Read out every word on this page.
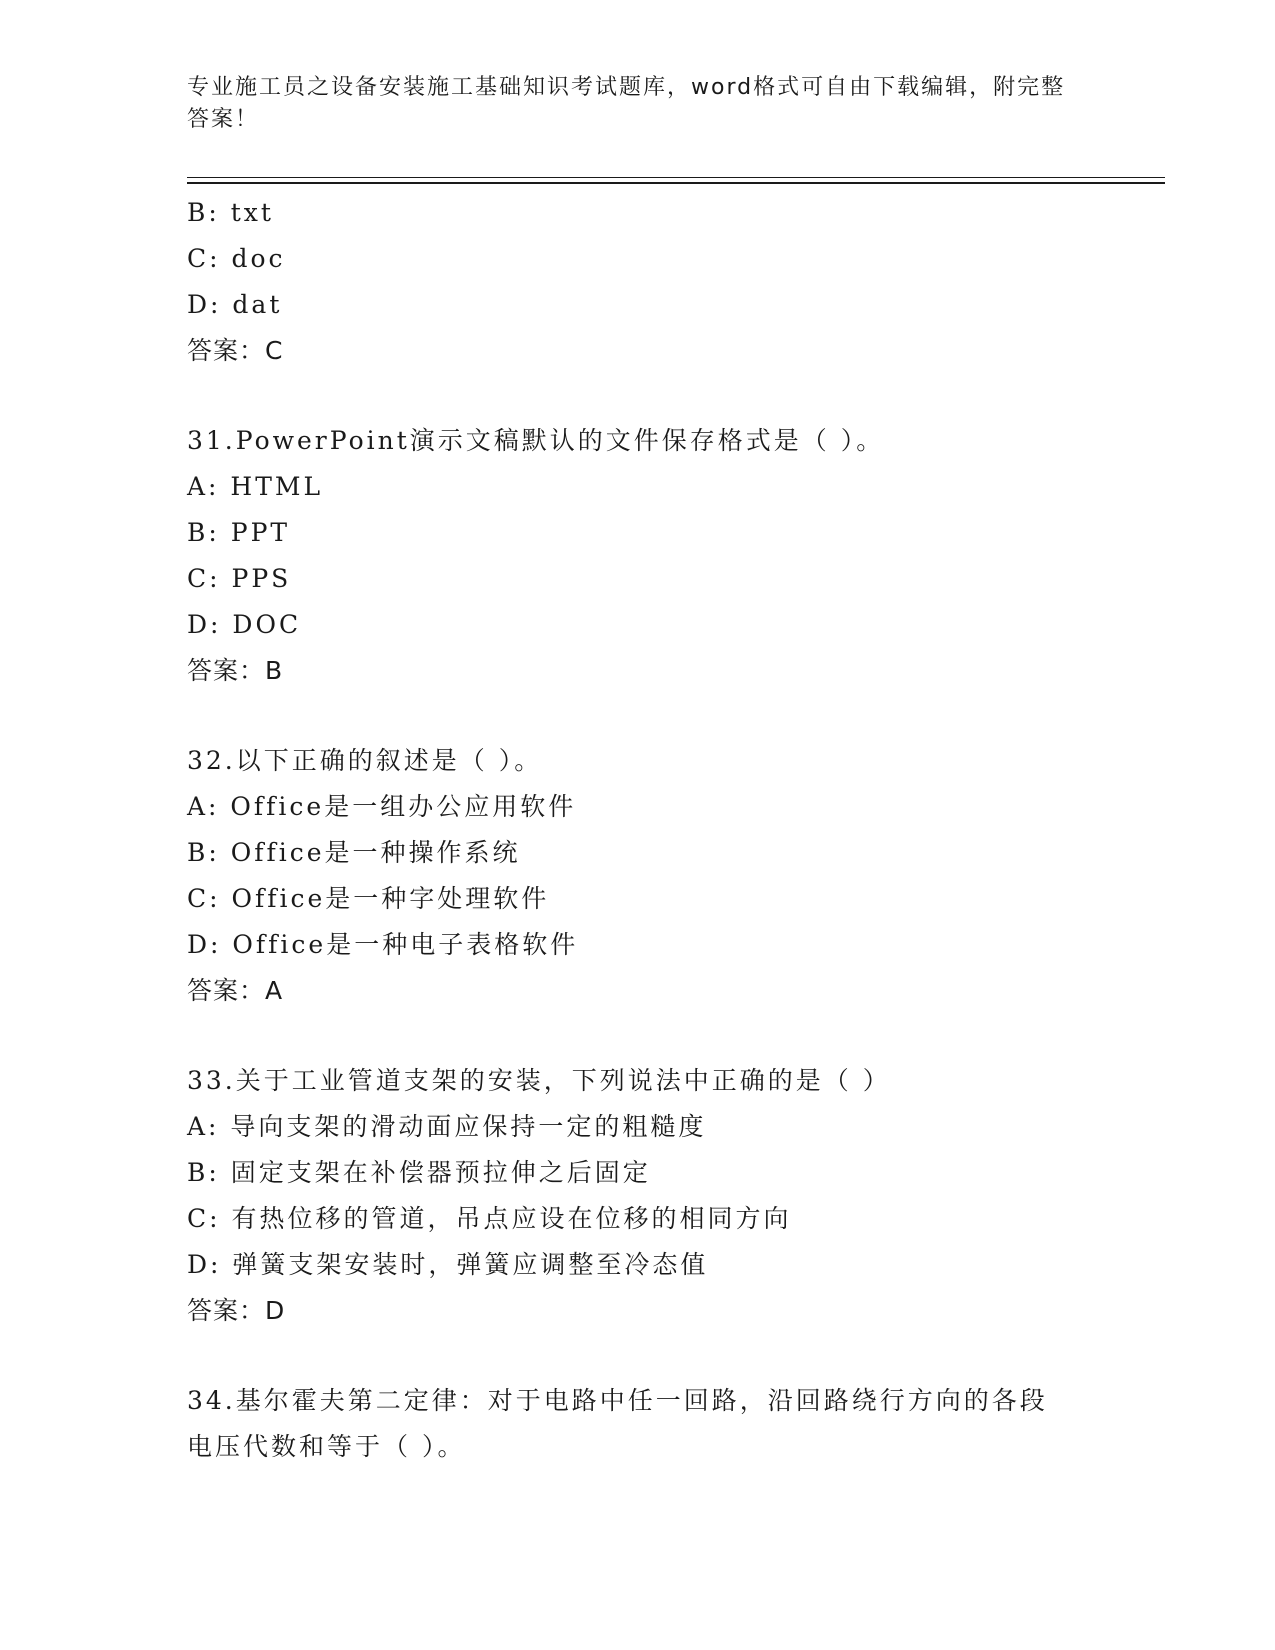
专业施工员之设备安装施工基础知识考试题库，word格式可自由下载编辑，附完整答案！
B: txt
C: doc
D: dat
答案：C
31.PowerPoint演示文稿默认的文件保存格式是（ ）。
A: HTML
B: PPT
C: PPS
D: DOC
答案：B
32.以下正确的叙述是（ ）。
A: Office是一组办公应用软件
B: Office是一种操作系统
C: Office是一种字处理软件
D: Office是一种电子表格软件
答案：A
33.关于工业管道支架的安装，下列说法中正确的是（ ）
A: 导向支架的滑动面应保持一定的粗糙度
B: 固定支架在补偿器预拉伸之后固定
C: 有热位移的管道，吊点应设在位移的相同方向
D: 弹簧支架安装时，弹簧应调整至冷态值
答案：D
34.基尔霍夫第二定律：对于电路中任一回路，沿回路绕行方向的各段电压代数和等于（ ）。
